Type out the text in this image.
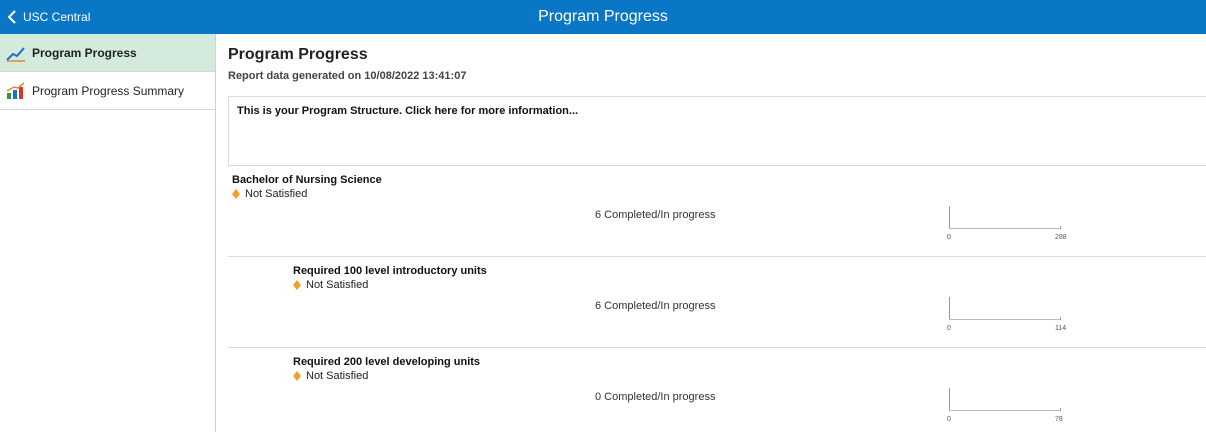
USC Central	Program Progress
Program Progress
Program Progress Summary
Program Progress
Report data generated on 10/08/2022 13:41:07
This is your Program Structure. Click here for more information...
Bachelor of Nursing Science
Not Satisfied
6 Completed/In progress
0	288
Required 100 level introductory units
Not Satisfied
6 Completed/In progress
0	114
Required 200 level developing units
Not Satisfied
0 Completed/In progress
0	78
